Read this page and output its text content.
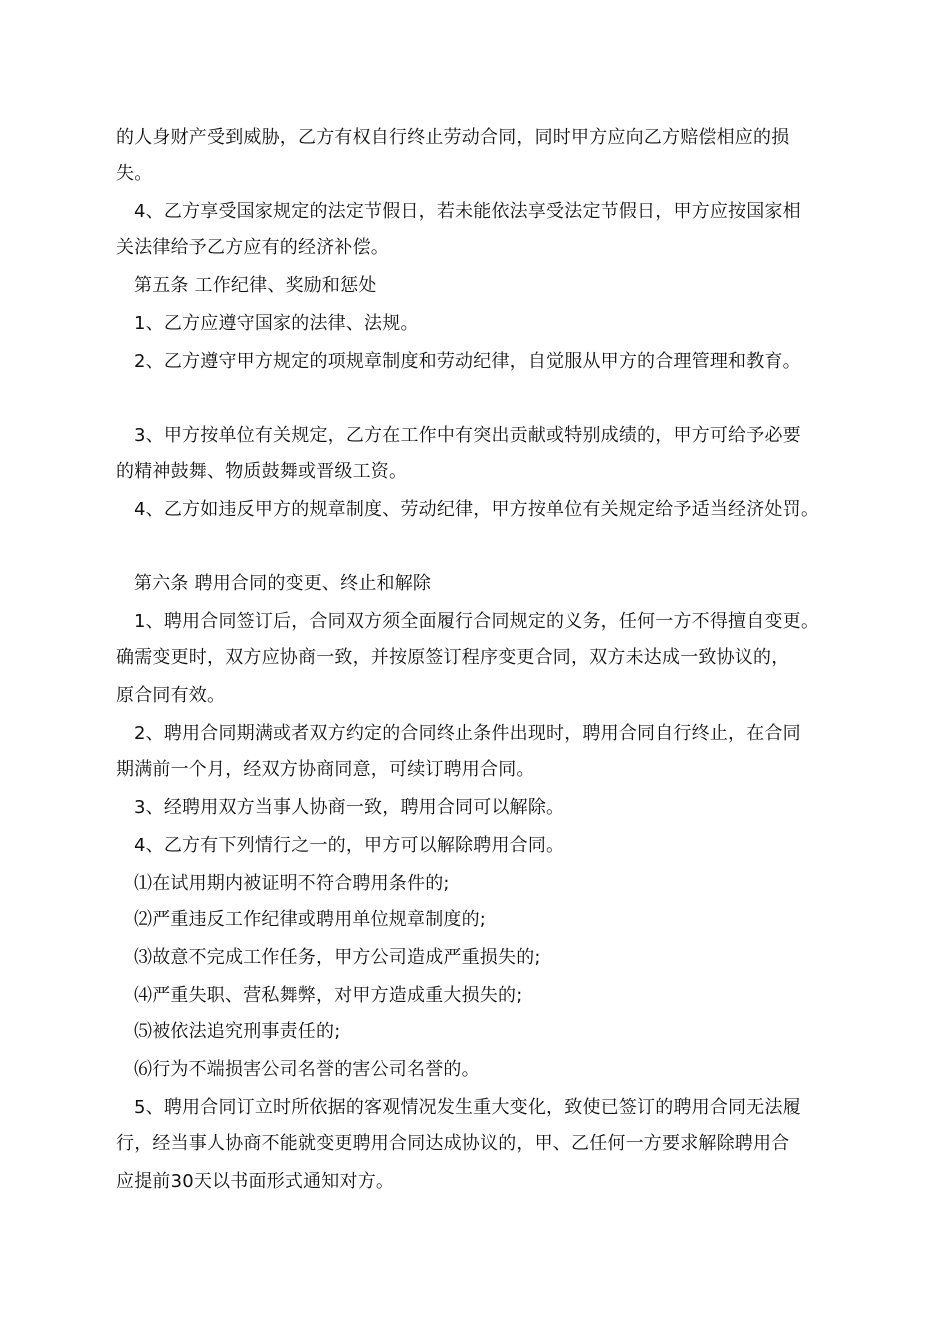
的人身财产受到威胁，乙方有权自行终止劳动合同，同时甲方应向乙方赔偿相应的损
失。
4、乙方享受国家规定的法定节假日，若未能依法享受法定节假日，甲方应按国家相
关法律给予乙方应有的经济补偿。
第五条 工作纪律、奖励和惩处
1、乙方应遵守国家的法律、法规。
2、乙方遵守甲方规定的项规章制度和劳动纪律，自觉服从甲方的合理管理和教育。
3、甲方按单位有关规定，乙方在工作中有突出贡献或特别成绩的，甲方可给予必要
的精神鼓舞、物质鼓舞或晋级工资。
4、乙方如违反甲方的规章制度、劳动纪律，甲方按单位有关规定给予适当经济处罚。
第六条 聘用合同的变更、终止和解除
1、聘用合同签订后，合同双方须全面履行合同规定的义务，任何一方不得擅自变更。
确需变更时，双方应协商一致，并按原签订程序变更合同，双方未达成一致协议的，
原合同有效。
2、聘用合同期满或者双方约定的合同终止条件出现时，聘用合同自行终止，在合同
期满前一个月，经双方协商同意，可续订聘用合同。
3、经聘用双方当事人协商一致，聘用合同可以解除。
4、乙方有下列情行之一的，甲方可以解除聘用合同。
⑴在试用期内被证明不符合聘用条件的;
⑵严重违反工作纪律或聘用单位规章制度的;
⑶故意不完成工作任务，甲方公司造成严重损失的;
⑷严重失职、营私舞弊，对甲方造成重大损失的;
⑸被依法追究刑事责任的;
⑹行为不端损害公司名誉的害公司名誉的。
5、聘用合同订立时所依据的客观情况发生重大变化，致使已签订的聘用合同无法履
行，经当事人协商不能就变更聘用合同达成协议的，甲、乙任何一方要求解除聘用合
应提前30天以书面形式通知对方。
